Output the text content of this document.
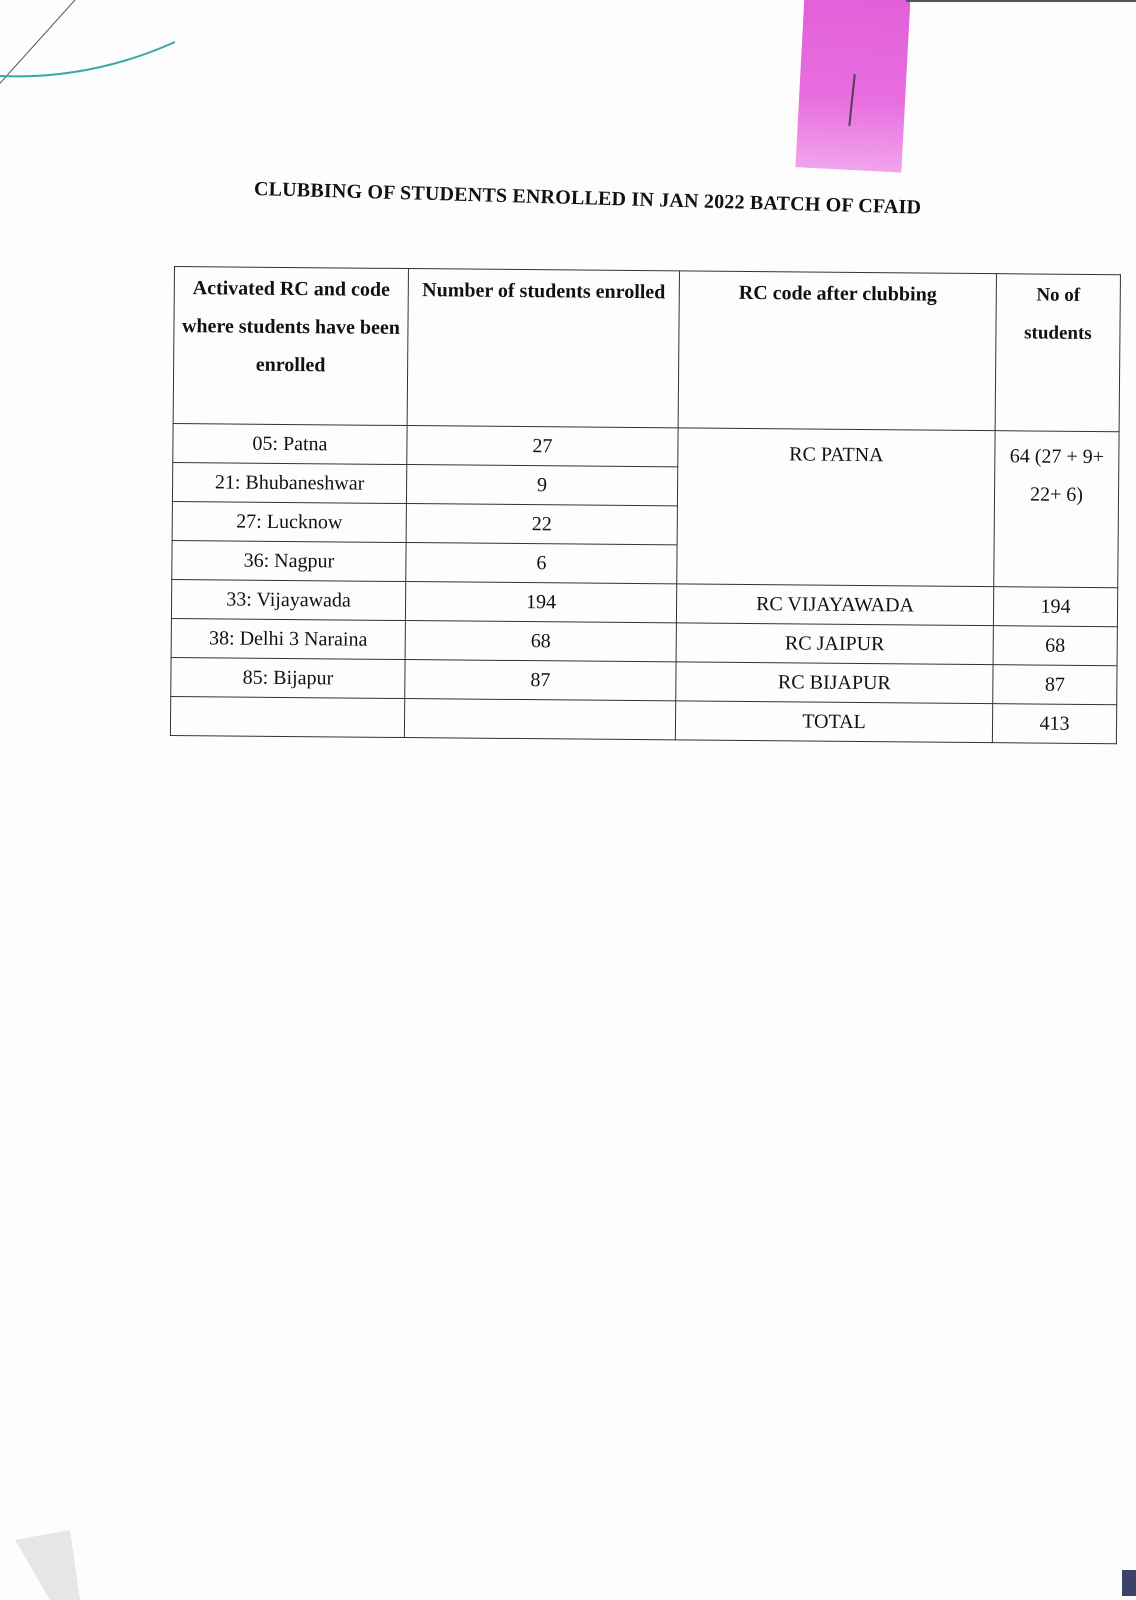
CLUBBING OF STUDENTS ENROLLED IN JAN 2022 BATCH OF CFAID
Activated RC and code where students have been enrolled	Number of students enrolled	RC code after clubbing	No of students
05: Patna	27	RC PATNA	64 (27 + 9+ 22+ 6)
21: Bhubaneshwar	9		
27: Lucknow	22		
36: Nagpur	6		
33: Vijayawada	194	RC VIJAYAWADA	194
38: Delhi 3 Naraina	68	RC JAIPUR	68
85: Bijapur	87	RC BIJAPUR	87
		TOTAL	413
